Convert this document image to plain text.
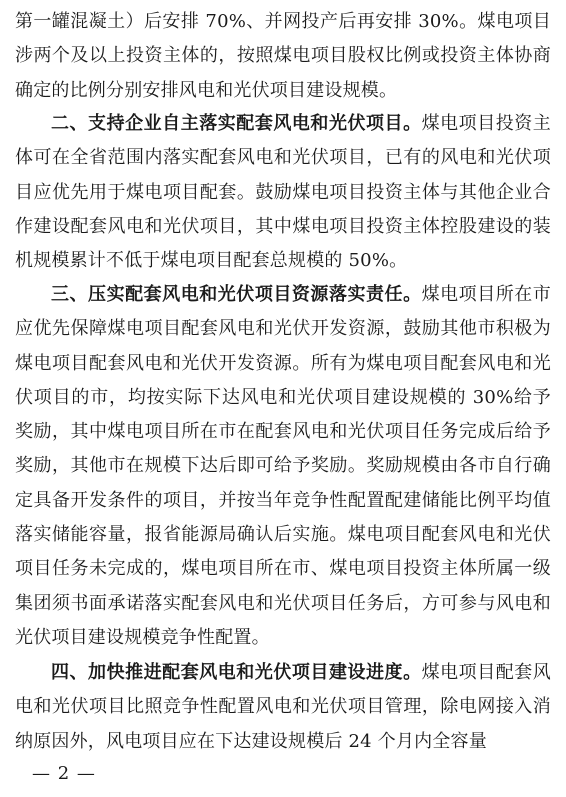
第一罐混凝土）后安排 70%、并网投产后再安排 30%。煤电项目涉两个及以上投资主体的，按照煤电项目股权比例或投资主体协商确定的比例分别安排风电和光伏项目建设规模。
二、支持企业自主落实配套风电和光伏项目。煤电项目投资主体可在全省范围内落实配套风电和光伏项目，已有的风电和光伏项目应优先用于煤电项目配套。鼓励煤电项目投资主体与其他企业合作建设配套风电和光伏项目，其中煤电项目投资主体控股建设的装机规模累计不低于煤电项目配套总规模的 50%。
三、压实配套风电和光伏项目资源落实责任。煤电项目所在市应优先保障煤电项目配套风电和光伏开发资源，鼓励其他市积极为煤电项目配套风电和光伏开发资源。所有为煤电项目配套风电和光伏项目的市，均按实际下达风电和光伏项目建设规模的 30%给予奖励，其中煤电项目所在市在配套风电和光伏项目任务完成后给予奖励，其他市在规模下达后即可给予奖励。奖励规模由各市自行确定具备开发条件的项目，并按当年竞争性配置配建储能比例平均值落实储能容量，报省能源局确认后实施。煤电项目配套风电和光伏项目任务未完成的，煤电项目所在市、煤电项目投资主体所属一级集团须书面承诺落实配套风电和光伏项目任务后，方可参与风电和光伏项目建设规模竞争性配置。
四、加快推进配套风电和光伏项目建设进度。煤电项目配套风电和光伏项目比照竞争性配置风电和光伏项目管理，除电网接入消纳原因外，风电项目应在下达建设规模后 24 个月内全容量
— 2 —
